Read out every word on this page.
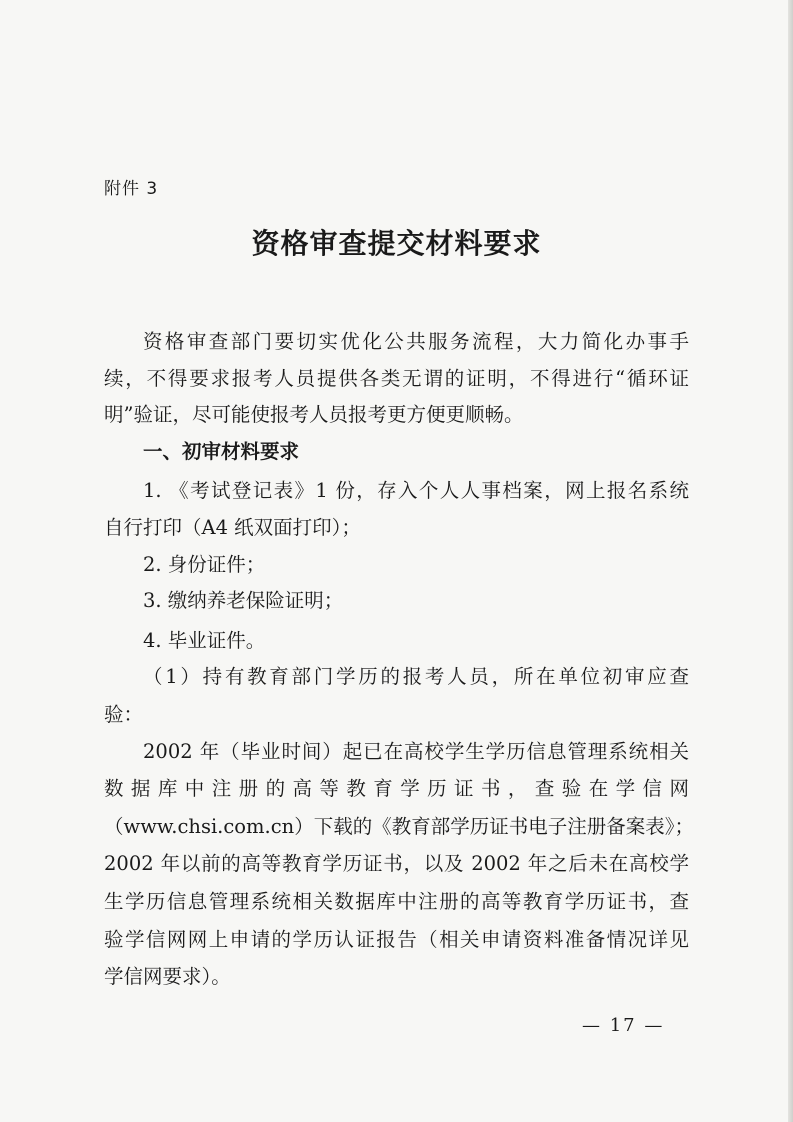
附件 3
资格审查提交材料要求
资格审查部门要切实优化公共服务流程，大力简化办事手
续，不得要求报考人员提供各类无谓的证明，不得进行“循环证
明”验证，尽可能使报考人员报考更方便更顺畅。
一、初审材料要求
1. 《考试登记表》1 份，存入个人人事档案，网上报名系统
自行打印（A4 纸双面打印）；
2. 身份证件；
3. 缴纳养老保险证明；
4. 毕业证件。
（1）持有教育部门学历的报考人员，所在单位初审应查
验：
2002 年（毕业时间）起已在高校学生学历信息管理系统相关
数据库中注册的高等教育学历证书，查验在学信网
（www.chsi.com.cn）下载的《教育部学历证书电子注册备案表》；
2002 年以前的高等教育学历证书，以及 2002 年之后未在高校学
生学历信息管理系统相关数据库中注册的高等教育学历证书，查
验学信网网上申请的学历认证报告（相关申请资料准备情况详见
学信网要求）。
— 17 —
